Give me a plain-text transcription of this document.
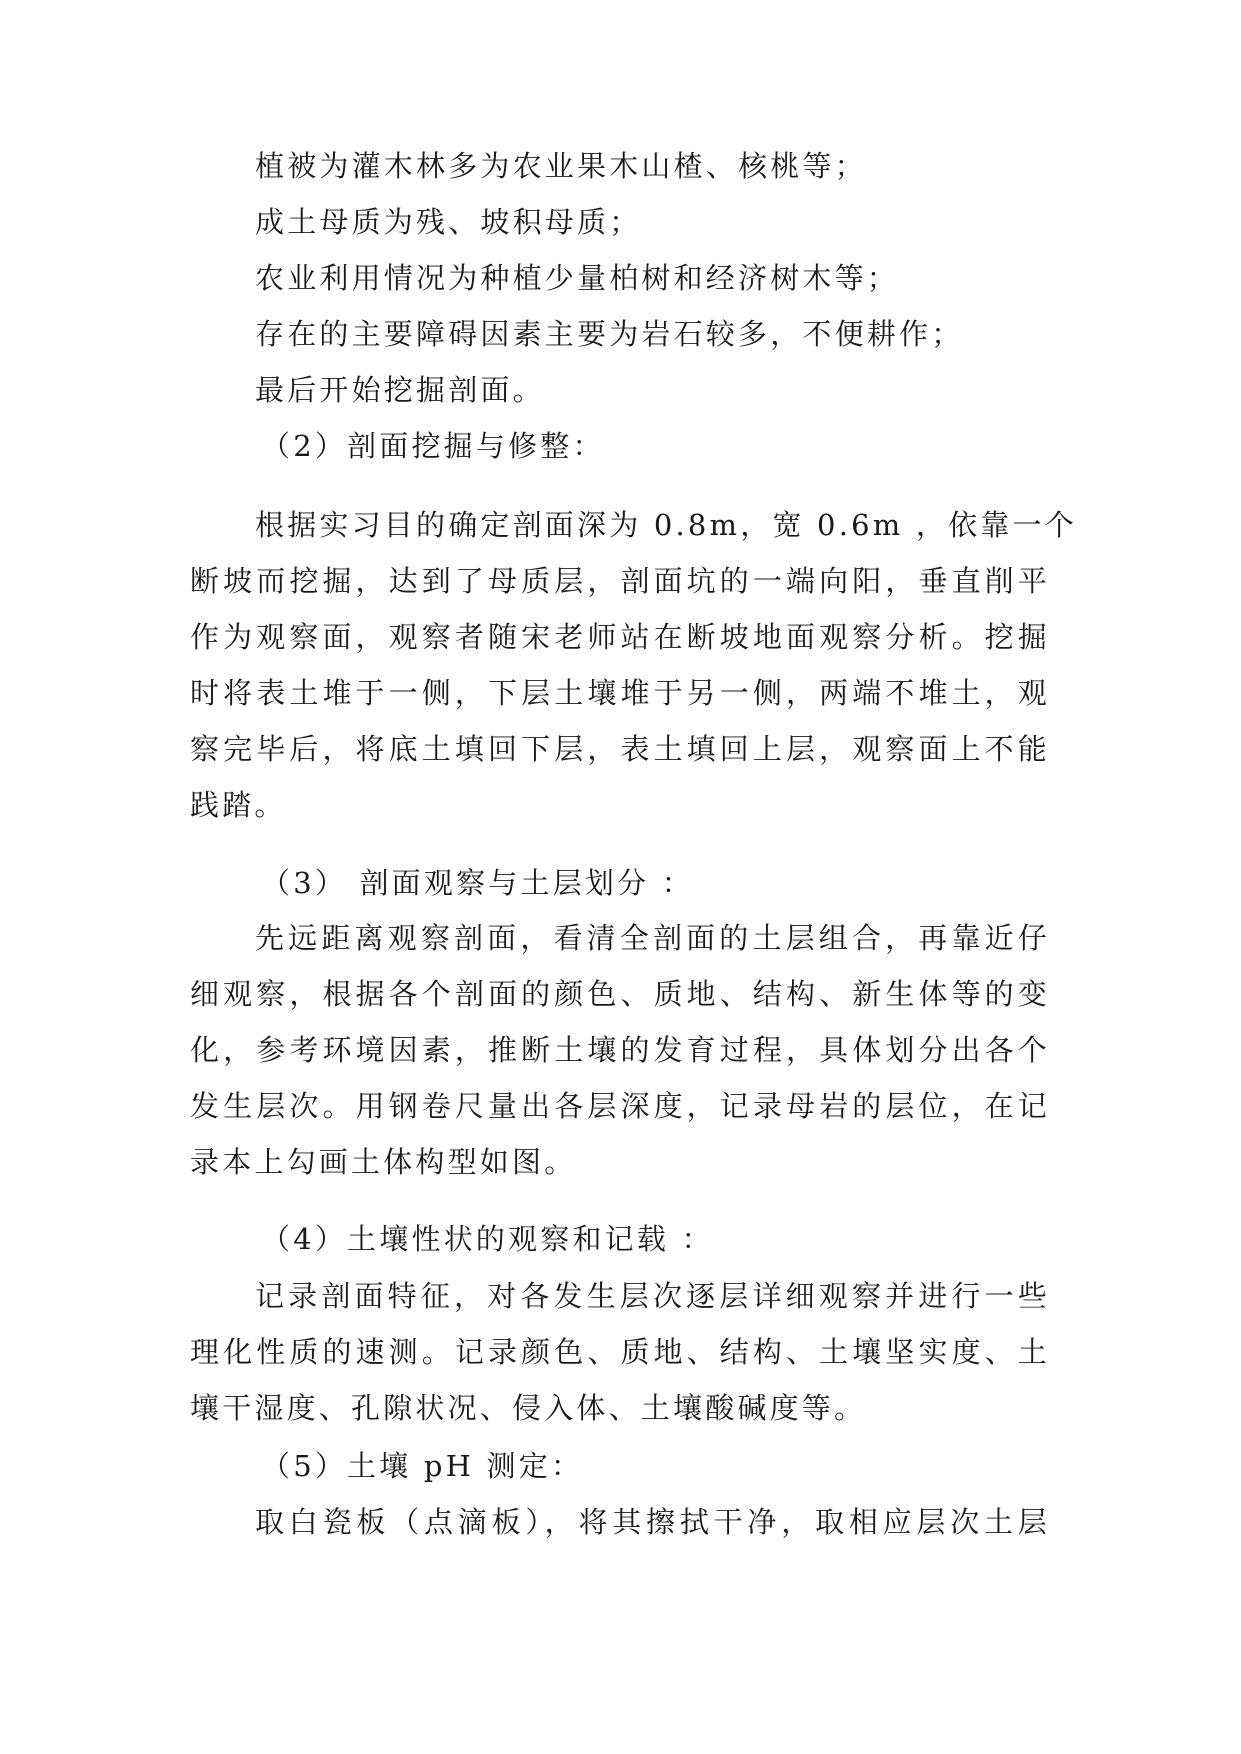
植被为灌木林多为农业果木山楂、核桃等；
成土母质为残、坡积母质；
农业利用情况为种植少量柏树和经济树木等；
存在的主要障碍因素主要为岩石较多，不便耕作；
最后开始挖掘剖面。
（2）剖面挖掘与修整：
根据实习目的确定剖面深为 0.8m，宽 0.6m ，依靠一个
断坡而挖掘，达到了母质层，剖面坑的一端向阳，垂直削平
作为观察面，观察者随宋老师站在断坡地面观察分析。挖掘
时将表土堆于一侧，下层土壤堆于另一侧，两端不堆土，观
察完毕后，将底土填回下层，表土填回上层，观察面上不能
践踏。
（3） 剖面观察与土层划分 ：
先远距离观察剖面，看清全剖面的土层组合，再靠近仔
细观察，根据各个剖面的颜色、质地、结构、新生体等的变
化，参考环境因素，推断土壤的发育过程，具体划分出各个
发生层次。用钢卷尺量出各层深度，记录母岩的层位，在记
录本上勾画土体构型如图。
（4）土壤性状的观察和记载 ：
记录剖面特征，对各发生层次逐层详细观察并进行一些
理化性质的速测。记录颜色、质地、结构、土壤坚实度、土
壤干湿度、孔隙状况、侵入体、土壤酸碱度等。
（5）土壤 pH 测定：
取白瓷板（点滴板），将其擦拭干净，取相应层次土层
